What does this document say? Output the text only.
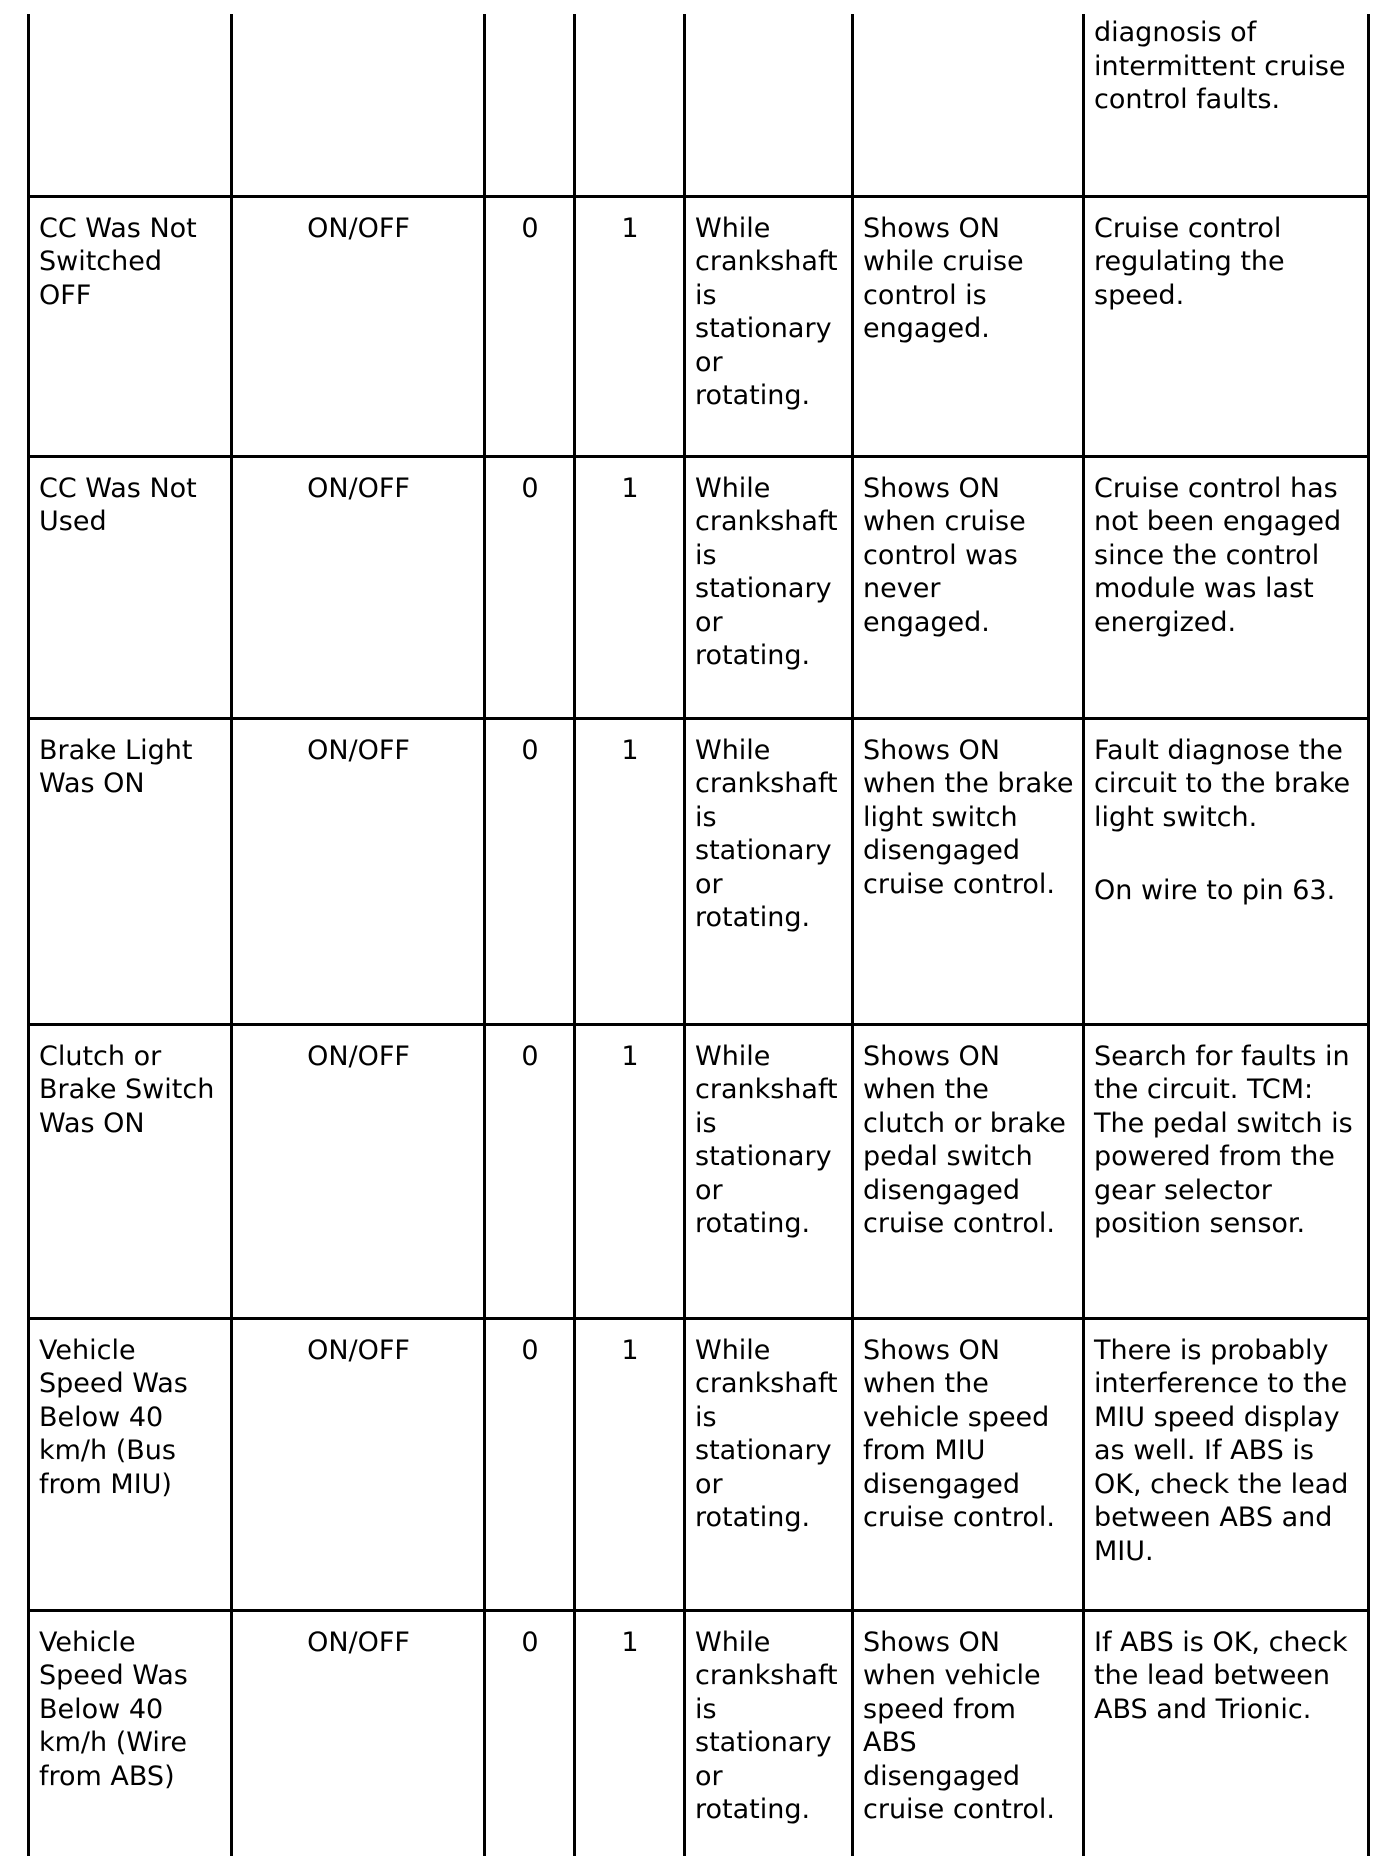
						diagnosis of intermittent cruise control faults.

CC Was Not Switched OFF	ON/OFF	0	1	While crankshaft is stationary or rotating.	Shows ON while cruise control is engaged.	Cruise control regulating the speed.

CC Was Not Used	ON/OFF	0	1	While crankshaft is stationary or rotating.	Shows ON when cruise control was never engaged.	Cruise control has not been engaged since the control module was last energized.

Brake Light Was ON	ON/OFF	0	1	While crankshaft is stationary or rotating.	Shows ON when the brake light switch disengaged cruise control.	Fault diagnose the circuit to the brake light switch.
On wire to pin 63.

Clutch or Brake Switch Was ON	ON/OFF	0	1	While crankshaft is stationary or rotating.	Shows ON when the clutch or brake pedal switch disengaged cruise control.	Search for faults in the circuit. TCM: The pedal switch is powered from the gear selector position sensor.

Vehicle Speed Was Below 40 km/h (Bus from MIU)	ON/OFF	0	1	While crankshaft is stationary or rotating.	Shows ON when the vehicle speed from MIU disengaged cruise control.	There is probably interference to the MIU speed display as well. If ABS is OK, check the lead between ABS and MIU.

Vehicle Speed Was Below 40 km/h (Wire from ABS)	ON/OFF	0	1	While crankshaft is stationary or rotating.	Shows ON when vehicle speed from ABS disengaged cruise control.	If ABS is OK, check the lead between ABS and Trionic.
